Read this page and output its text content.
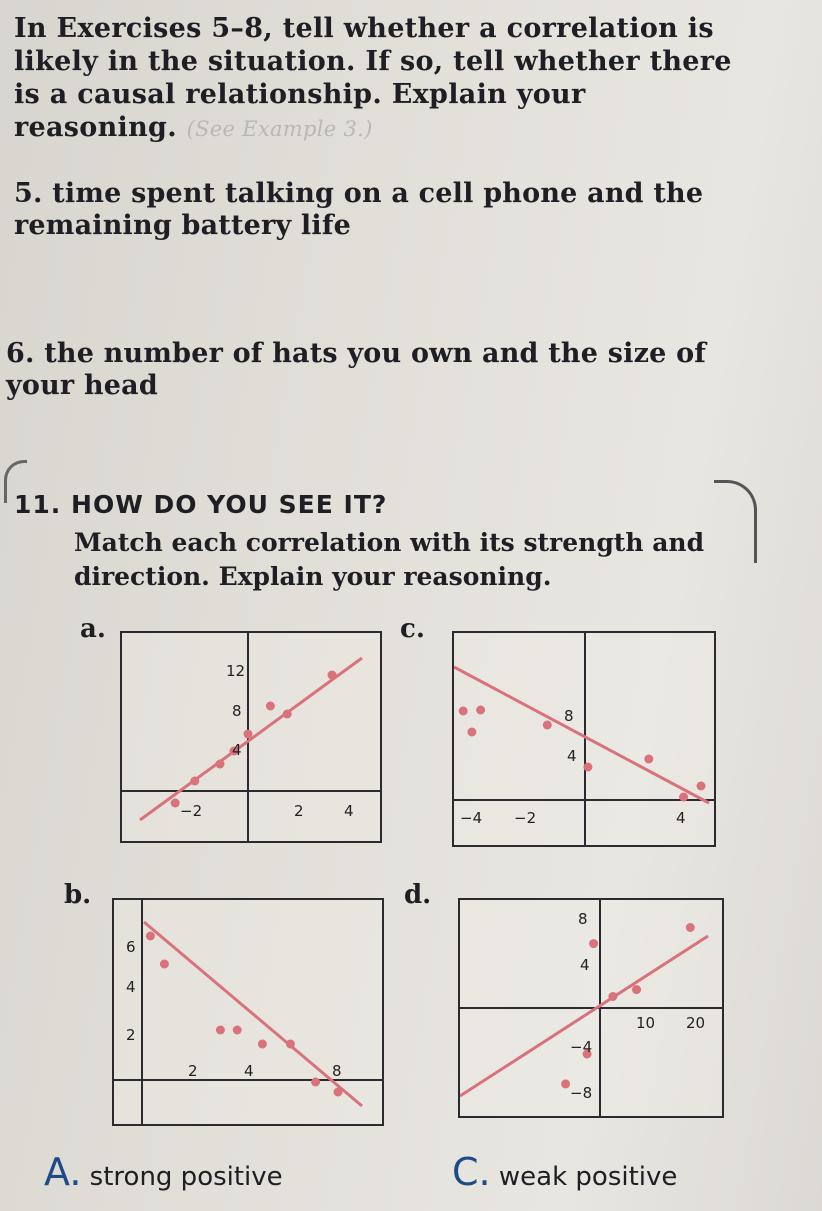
In Exercises 5–8, tell whether a correlation is likely in the situation. If so, tell whether there is a causal relationship. Explain your reasoning. (See Example 3.)
5. time spent talking on a cell phone and the remaining battery life
6. the number of hats you own and the size of your head
11. HOW DO YOU SEE IT?
Match each correlation with its strength and direction. Explain your reasoning.
a.	c.
b.	d.
−2	2	4
12
8
4
−4 −2	4
8
4
2	4	8
6
4
2
10 20
8
4
−4
−8
A. strong positive	C. weak positive
